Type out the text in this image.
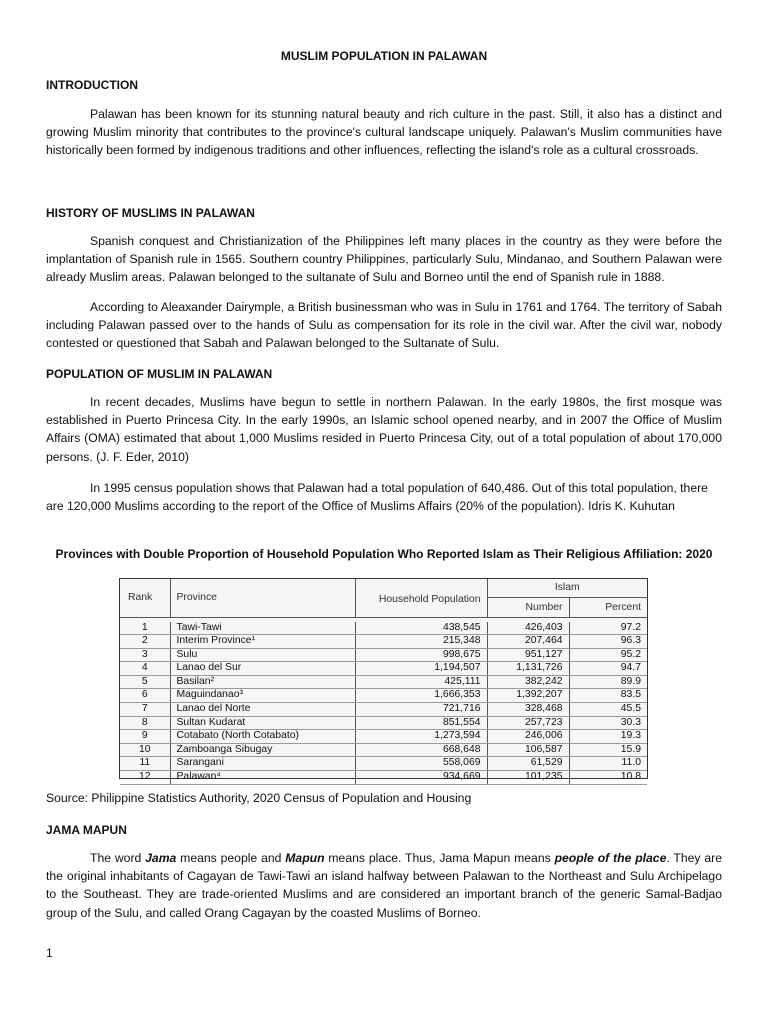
MUSLIM POPULATION IN PALAWAN
INTRODUCTION
Palawan has been known for its stunning natural beauty and rich culture in the past. Still, it also has a distinct and growing Muslim minority that contributes to the province's cultural landscape uniquely. Palawan's Muslim communities have historically been formed by indigenous traditions and other influences, reflecting the island's role as a cultural crossroads.
HISTORY OF MUSLIMS IN PALAWAN
Spanish conquest and Christianization of the Philippines left many places in the country as they were before the implantation of Spanish rule in 1565. Southern country Philippines, particularly Sulu, Mindanao, and Southern Palawan were already Muslim areas. Palawan belonged to the sultanate of Sulu and Borneo until the end of Spanish rule in 1888.
According to Aleaxander Dairymple, a British businessman who was in Sulu in 1761 and 1764. The territory of Sabah including Palawan passed over to the hands of Sulu as compensation for its role in the civil war. After the civil war, nobody contested or questioned that Sabah and Palawan belonged to the Sultanate of Sulu.
POPULATION OF MUSLIM IN PALAWAN
In recent decades, Muslims have begun to settle in northern Palawan. In the early 1980s, the first mosque was established in Puerto Princesa City. In the early 1990s, an Islamic school opened nearby, and in 2007 the Office of Muslim Affairs (OMA) estimated that about 1,000 Muslims resided in Puerto Princesa City, out of a total population of about 170,000 persons. (J. F. Eder, 2010)
In 1995 census population shows that Palawan had a total population of 640,486. Out of this total population, there are 120,000 Muslims according to the report of the Office of Muslims Affairs (20% of the population). Idris K. Kuhutan
Provinces with Double Proportion of Household Population Who Reported Islam as Their Religious Affiliation: 2020
Rank	Province	Household Population	Islam	
			Number	Percent

1	Tawi-Tawi	438,545	426,403	97.2
2	Interim Province¹	215,348	207,464	96.3
3	Sulu	998,675	951,127	95.2
4	Lanao del Sur	1,194,507	1,131,726	94.7
5	Basilan²	425,111	382,242	89.9
6	Maguindanao³	1,666,353	1,392,207	83.5
7	Lanao del Norte	721,716	328,468	45.5
8	Sultan Kudarat	851,554	257,723	30.3
9	Cotabato (North Cotabato)	1,273,594	246,006	19.3
10	Zamboanga Sibugay	668,648	106,587	15.9
11	Sarangani	558,069	61,529	11.0
12	Palawan⁴	934,669	101,235	10.8
Source: Philippine Statistics Authority, 2020 Census of Population and Housing
JAMA MAPUN
The word Jama means people and Mapun means place. Thus, Jama Mapun means people of the place. They are the original inhabitants of Cagayan de Tawi-Tawi an island halfway between Palawan to the Northeast and Sulu Archipelago to the Southeast. They are trade-oriented Muslims and are considered an important branch of the generic Samal-Badjao group of the Sulu, and called Orang Cagayan by the coasted Muslims of Borneo.
1
